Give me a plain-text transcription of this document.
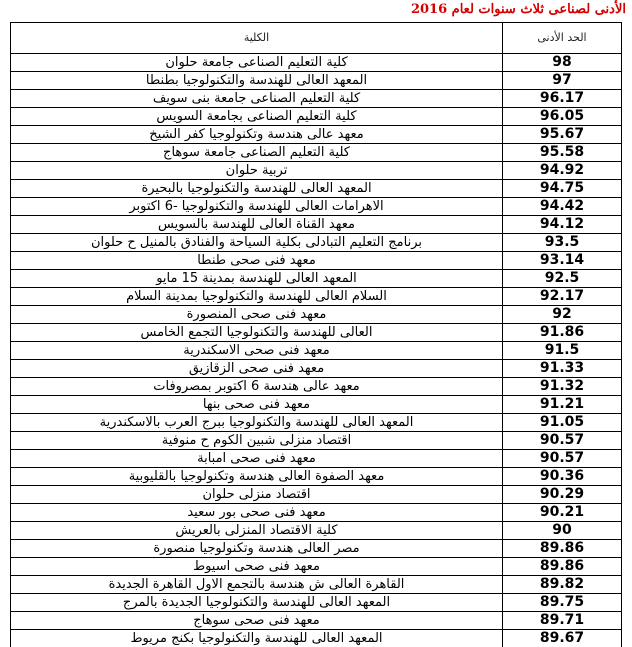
الأدنى لصناعى ثلاث سنوات لعام 2016
الحد الأدنى	الكلية
98	كلية التعليم الصناعى جامعة حلوان
97	المعهد العالى للهندسة والتكنولوجيا بطنطا
96.17	كلية التعليم الصناعى جامعة بنى سويف
96.05	كلية التعليم الصناعى بجامعة السويس
95.67	معهد عالى هندسة وتكنولوجيا كفر الشيخ
95.58	كلية التعليم الصناعى جامعة سوهاج
94.92	تربية حلوان
94.75	المعهد العالى للهندسة والتكنولوجيا بالبحيرة
94.42	الاهرامات العالى للهندسة والتكنولوجيا -6 اكتوبر
94.12	معهد القناة العالى للهندسة بالسويس
93.5	برنامج التعليم التبادلى بكلية السياحة والفنادق بالمنيل ح حلوان
93.14	معهد فنى صحى طنطا
92.5	المعهد العالى للهندسة بمدينة 15 مايو
92.17	السلام العالى للهندسة والتكنولوجيا بمدينة السلام
92	معهد فنى صحى المنصورة
91.86	العالى للهندسة والتكنولوجيا التجمع الخامس
91.5	معهد فنى صحى الاسكندرية
91.33	معهد فنى صحى الزقازيق
91.32	معهد عالى هندسة 6 اكتوبر بمصروفات
91.21	معهد فنى صحى بنها
91.05	المعهد العالى للهندسة والتكنولوجيا ببرج العرب بالاسكندرية
90.57	اقتصاد منزلى شبين الكوم ح منوفية
90.57	معهد فنى صحى امبابة
90.36	معهد الصفوة العالى هندسة وتكنولوجيا بالقليوبية
90.29	اقتصاد منزلى حلوان
90.21	معهد فنى صحى بور سعيد
90	كلية الاقتصاد المنزلى بالعريش
89.86	مصر العالى هندسة وتكنولوجيا منصورة
89.86	معهد فنى صحى اسيوط
89.82	القاهرة العالى ش هندسة بالتجمع الاول القاهرة الجديدة
89.75	المعهد العالى للهندسة والتكنولوجيا الجديدة بالمرج
89.71	معهد فنى صحى سوهاج
89.67	المعهد العالى للهندسة والتكنولوجيا بكنج مريوط
